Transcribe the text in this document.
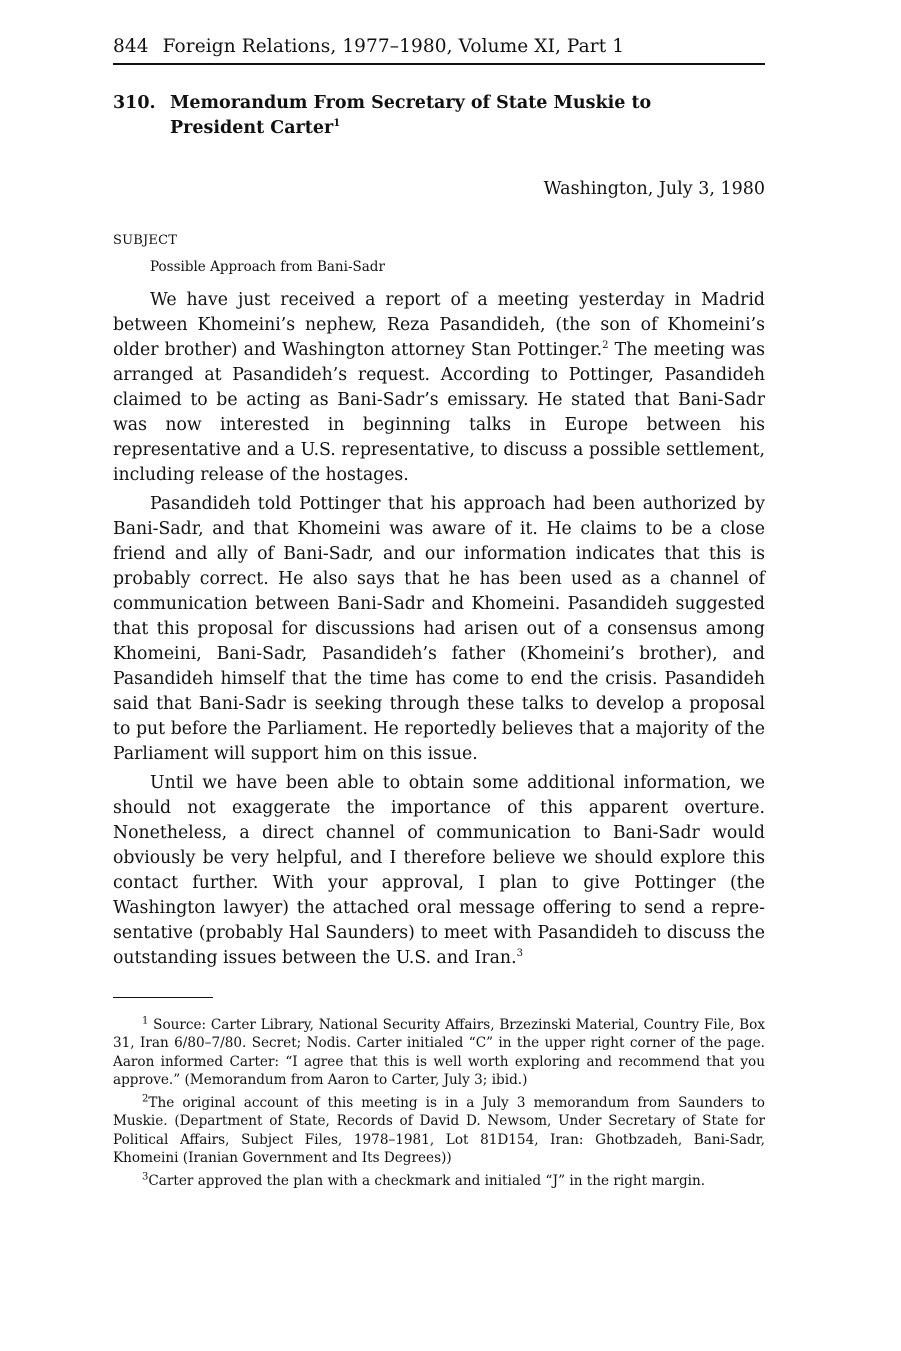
844 Foreign Relations, 1977–1980, Volume XI, Part 1
310. Memorandum From Secretary of State Muskie to
President Carter$^1$
Washington, July 3, 1980
SUBJECT
Possible Approach from Bani-Sadr

We have just received a report of a meeting yesterday in Madrid between Khomeini’s nephew, Reza Pasandideh, (the son of Khomeini’s older brother) and Washington attorney Stan Pottinger.$^2$ The meeting was arranged at Pasandideh’s request. According to Pottinger, Pasandideh claimed to be acting as Bani-Sadr’s emissary. He stated that Bani-Sadr was now interested in beginning talks in Europe between his representative and a U.S. representative, to discuss a possible settlement, including release of the hostages.

Pasandideh told Pottinger that his approach had been authorized by Bani-Sadr, and that Khomeini was aware of it. He claims to be a close friend and ally of Bani-Sadr, and our information indicates that this is probably correct. He also says that he has been used as a channel of communication between Bani-Sadr and Khomeini. Pasandideh suggested that this proposal for discussions had arisen out of a consensus among Khomeini, Bani-Sadr, Pasandideh’s father (Khomeini’s brother), and Pasandideh himself that the time has come to end the crisis. Pasandideh said that Bani-Sadr is seeking through these talks to develop a proposal to put before the Parliament. He reportedly believes that a majority of the Parliament will support him on this issue.

Until we have been able to obtain some additional information, we should not exaggerate the importance of this apparent overture. Nonetheless, a direct channel of communication to Bani-Sadr would obviously be very helpful, and I therefore believe we should explore this contact further. With your approval, I plan to give Pottinger (the Washington lawyer) the attached oral message offering to send a representative (probably Hal Saunders) to meet with Pasandideh to discuss the outstanding issues between the U.S. and Iran.$^3$

$^1$ Source: Carter Library, National Security Affairs, Brzezinski Material, Country File, Box 31, Iran 6/80–7/80. Secret; Nodis. Carter initialed “C” in the upper right corner of the page. Aaron informed Carter: “I agree that this is well worth exploring and recommend that you approve.” (Memorandum from Aaron to Carter, July 3; ibid.)

$^2$The original account of this meeting is in a July 3 memorandum from Saunders to Muskie. (Department of State, Records of David D. Newsom, Under Secretary of State for Political Affairs, Subject Files, 1978–1981, Lot 81D154, Iran: Ghotbzadeh, Bani-Sadr, Khomeini (Iranian Government and Its Degrees))

$^3$Carter approved the plan with a checkmark and initialed “J” in the right margin.
